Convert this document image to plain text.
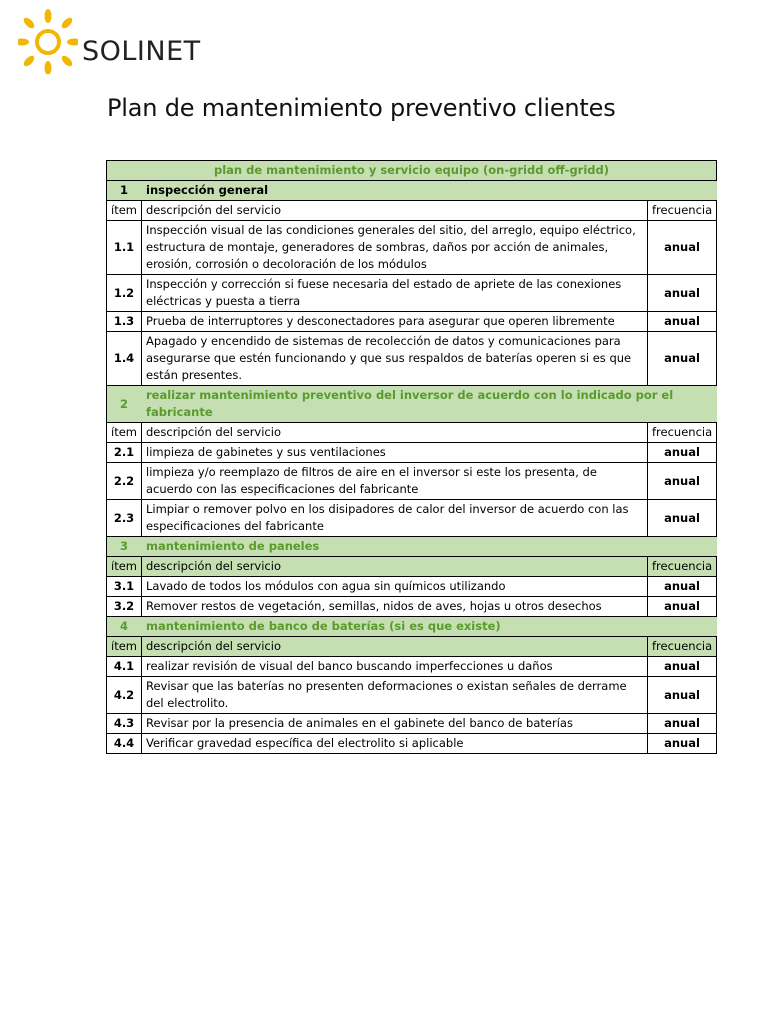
SOLINET
Plan de mantenimiento preventivo clientes
plan de mantenimiento y servicio equipo (on-gridd off-gridd)		
1	inspección general	
ítem	descripción del servicio	frecuencia
1.1	Inspección visual de las condiciones generales del sitio, del arreglo, equipo eléctrico, estructura de montaje, generadores de sombras, daños por acción de animales, erosión, corrosión o decoloración de los módulos	anual
1.2	Inspección y corrección si fuese necesaria del estado de apriete de las conexiones eléctricas y puesta a tierra	anual
1.3	Prueba de interruptores y desconectadores para asegurar que operen libremente	anual
1.4	Apagado y encendido de sistemas de recolección de datos y comunicaciones para asegurarse que estén funcionando y que sus respaldos de baterías operen si es que están presentes.	anual
2	realizar mantenimiento preventivo del inversor de acuerdo con lo indicado por el fabricante	
ítem	descripción del servicio	frecuencia
2.1	limpieza de gabinetes y sus ventilaciones	anual
2.2	limpieza y/o reemplazo de filtros de aire en el inversor si este los presenta, de acuerdo con las especificaciones del fabricante	anual
2.3	Limpiar o remover polvo en los disipadores de calor del inversor de acuerdo con las especificaciones del fabricante	anual
3	mantenimiento de paneles	
ítem	descripción del servicio	frecuencia
3.1	Lavado de todos los módulos con agua sin químicos utilizando	anual
3.2	Remover restos de vegetación, semillas, nidos de aves, hojas u otros desechos	anual
4	mantenimiento de banco de baterías (si es que existe)	
ítem	descripción del servicio	frecuencia
4.1	realizar revisión de visual del banco buscando imperfecciones u daños	anual
4.2	Revisar que las baterías no presenten deformaciones o existan señales de derrame del electrolito.	anual
4.3	Revisar por la presencia de animales en el gabinete del banco de baterías	anual
4.4	Verificar gravedad específica del electrolito si aplicable	anual
